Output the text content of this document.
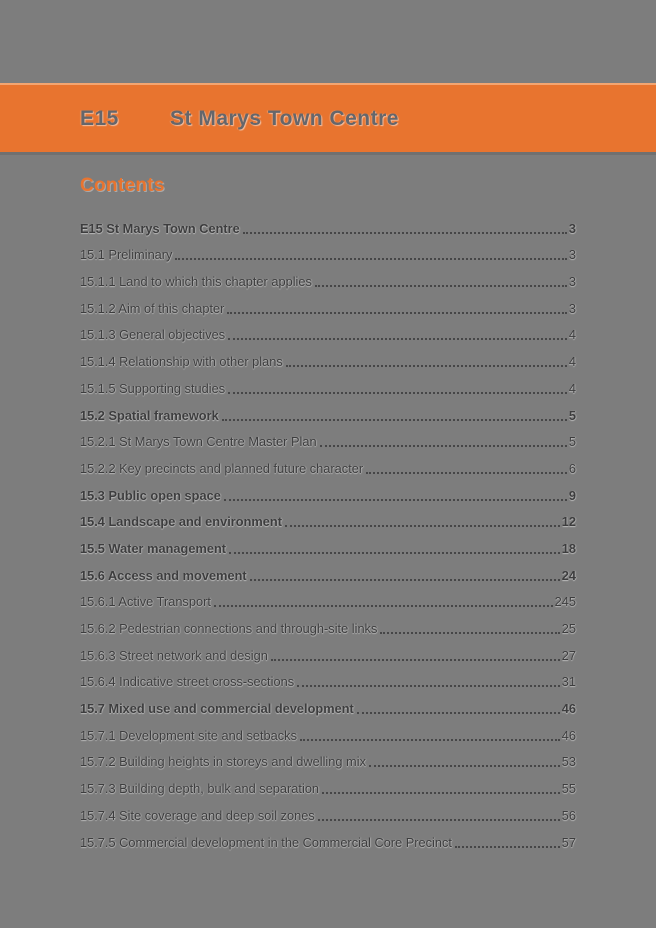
E15	St Marys Town Centre
Contents
E15 St Marys Town Centre	3
15.1 Preliminary	3
15.1.1 Land to which this chapter applies	3
15.1.2 Aim of this chapter	3
15.1.3 General objectives	4
15.1.4 Relationship with other plans	4
15.1.5 Supporting studies	4
15.2 Spatial framework	5
15.2.1 St Marys Town Centre Master Plan	5
15.2.2 Key precincts and planned future character	6
15.3 Public open space	9
15.4 Landscape and environment	12
15.5 Water management	18
15.6 Access and movement	24
15.6.1 Active Transport	245
15.6.2 Pedestrian connections and through-site links	25
15.6.3 Street network and design	27
15.6.4 Indicative street cross-sections	31
15.7 Mixed use and commercial development	46
15.7.1 Development site and setbacks	46
15.7.2 Building heights in storeys and dwelling mix	53
15.7.3 Building depth, bulk and separation	55
15.7.4 Site coverage and deep soil zones	56
15.7.5 Commercial development in the Commercial Core Precinct	57
